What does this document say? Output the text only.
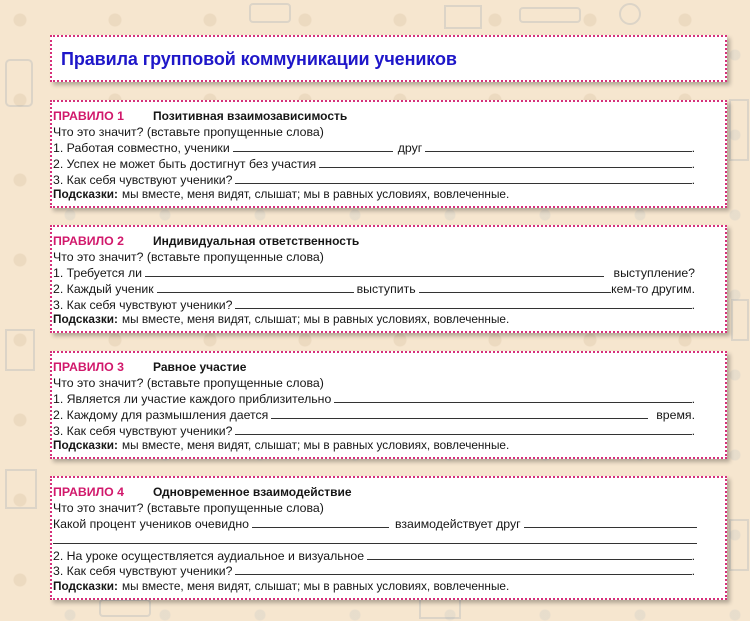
Правила групповой коммуникации учеников
ПРАВИЛО 1	Позитивная взаимозависимость
Что это значит? (вставьте пропущенные слова)
1. Работая совместно, ученики	друг	.
2. Успех не может быть достигнут без участия	.
3. Как себя чувствуют ученики?	.
Подсказки: мы вместе, меня видят, слышат; мы в равных условиях, вовлеченные.
ПРАВИЛО 2	Индивидуальная ответственность
Что это значит? (вставьте пропущенные слова)
1. Требуется ли	выступление?
2. Каждый ученик	выступить	кем-то другим.
3. Как себя чувствуют ученики?	.
Подсказки: мы вместе, меня видят, слышат; мы в равных условиях, вовлеченные.
ПРАВИЛО 3	Равное участие
Что это значит? (вставьте пропущенные слова)
1. Является ли участие каждого приблизительно	.
2. Каждому для размышления дается	время.
3. Как себя чувствуют ученики?	.
Подсказки: мы вместе, меня видят, слышат; мы в равных условиях, вовлеченные.
ПРАВИЛО 4	Одновременное взаимодействие
Что это значит? (вставьте пропущенные слова)
Какой процент учеников очевидно	взаимодействует друг
2. На уроке осуществляется аудиальное и визуальное	.
3. Как себя чувствуют ученики?	.
Подсказки: мы вместе, меня видят, слышат; мы в равных условиях, вовлеченные.
